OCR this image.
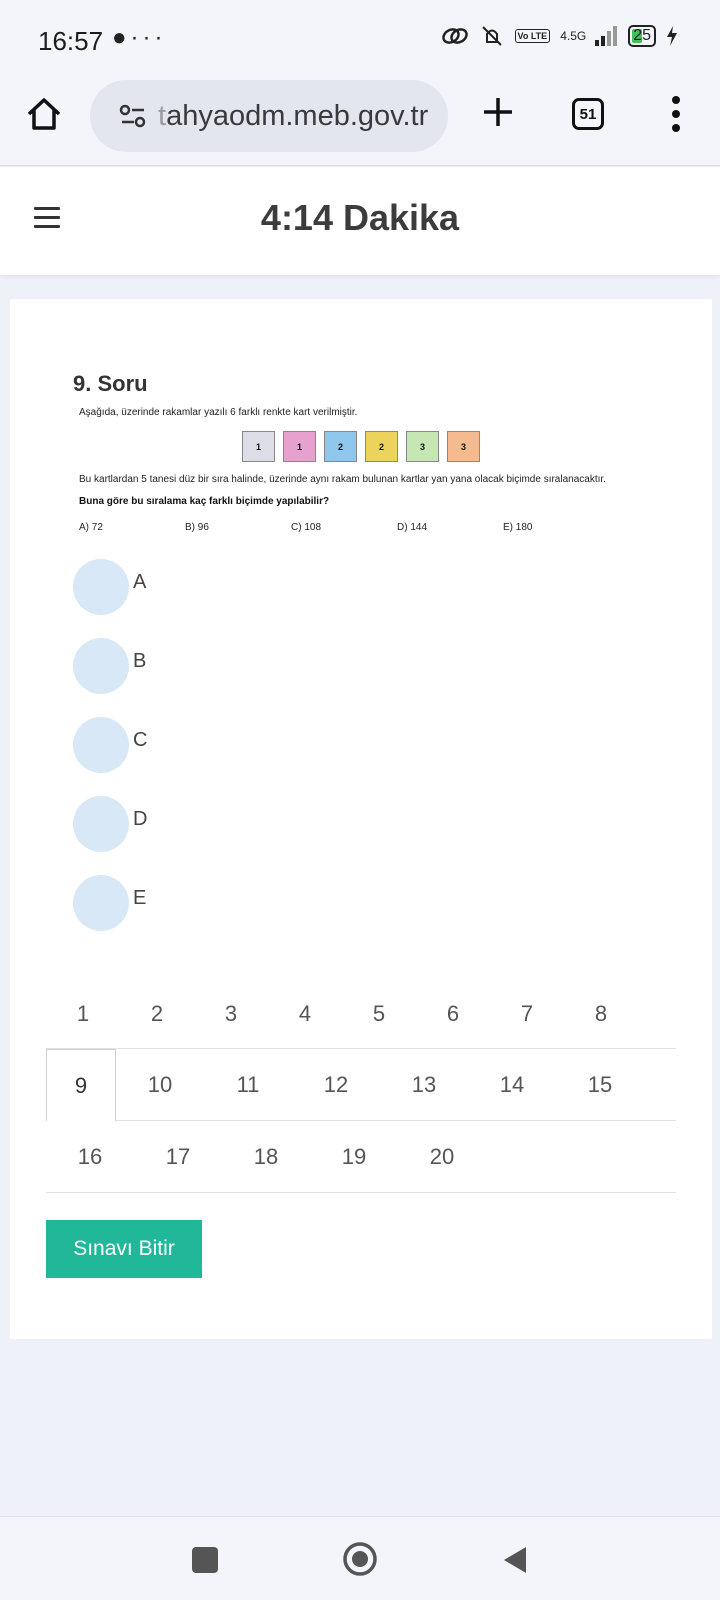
16:57 ●···	Vo LTE 4.5G	25
tahyaodm.meb.gov.tr	51
4:14 Dakika
9. Soru
Aşağıda, üzerinde rakamlar yazılı 6 farklı renkte kart verilmiştir.
1	1	2	2	3	3
Bu kartlardan 5 tanesi düz bir sıra halinde, üzerinde aynı rakam bulunan kartlar yan yana olacak biçimde sıralanacaktır.
Buna göre bu sıralama kaç farklı biçimde yapılabilir?
A) 72	B) 96	C) 108	D) 144	E) 180
A
B
C
D
E
1	2	3	4	5	6	7	8
9	10	11	12	13	14	15
16	17	18	19	20
Sınavı Bitir
